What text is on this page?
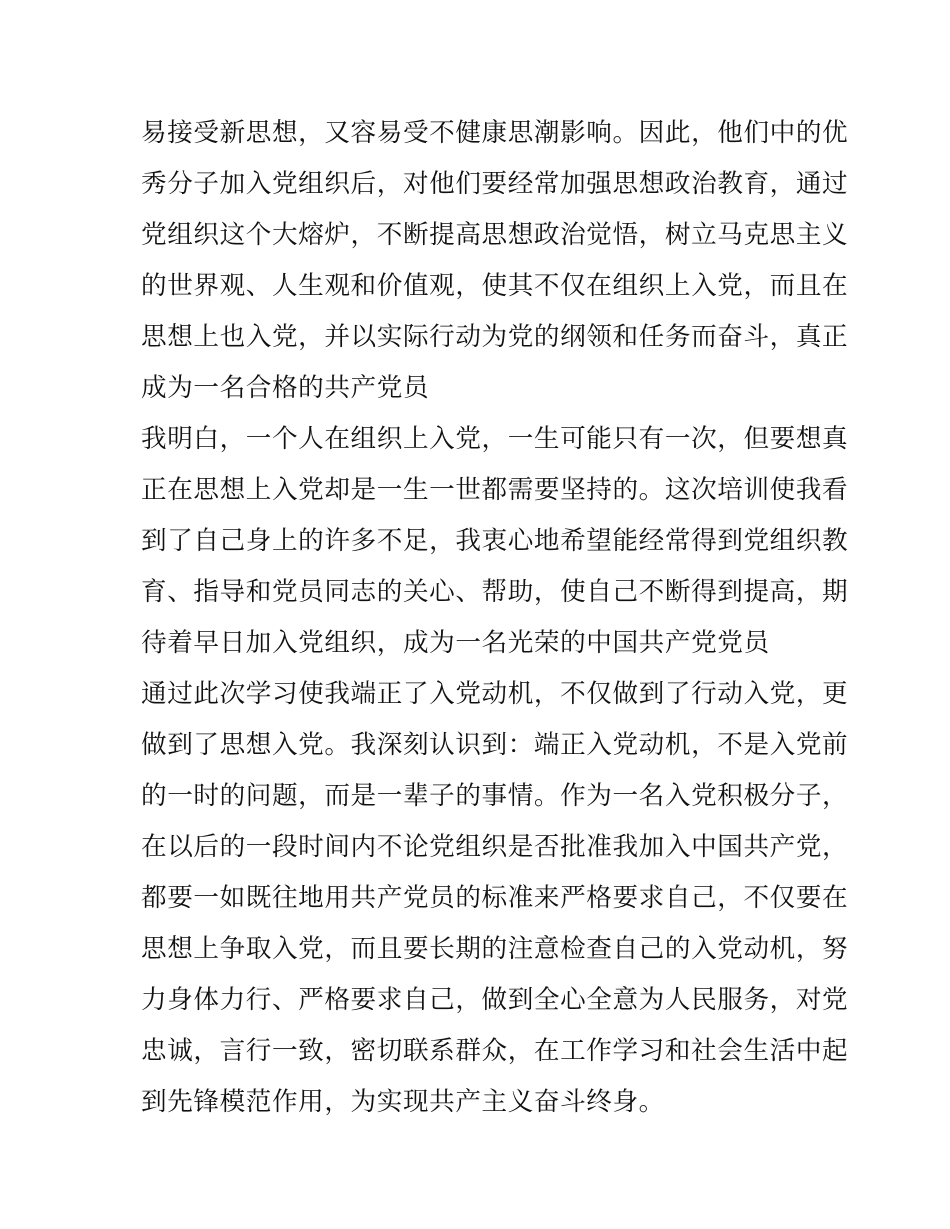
易接受新思想，又容易受不健康思潮影响。因此，他们中的优
秀分子加入党组织后，对他们要经常加强思想政治教育，通过
党组织这个大熔炉，不断提高思想政治觉悟，树立马克思主义
的世界观、人生观和价值观，使其不仅在组织上入党，而且在
思想上也入党，并以实际行动为党的纲领和任务而奋斗，真正
成为一名合格的共产党员
我明白，一个人在组织上入党，一生可能只有一次，但要想真
正在思想上入党却是一生一世都需要坚持的。这次培训使我看
到了自己身上的许多不足，我衷心地希望能经常得到党组织教
育、指导和党员同志的关心、帮助，使自己不断得到提高，期
待着早日加入党组织，成为一名光荣的中国共产党党员
通过此次学习使我端正了入党动机，不仅做到了行动入党，更
做到了思想入党。我深刻认识到：端正入党动机，不是入党前
的一时的问题，而是一辈子的事情。作为一名入党积极分子，
在以后的一段时间内不论党组织是否批准我加入中国共产党，
都要一如既往地用共产党员的标准来严格要求自己，不仅要在
思想上争取入党，而且要长期的注意检查自己的入党动机，努
力身体力行、严格要求自己，做到全心全意为人民服务，对党
忠诚，言行一致，密切联系群众，在工作学习和社会生活中起
到先锋模范作用，为实现共产主义奋斗终身。
